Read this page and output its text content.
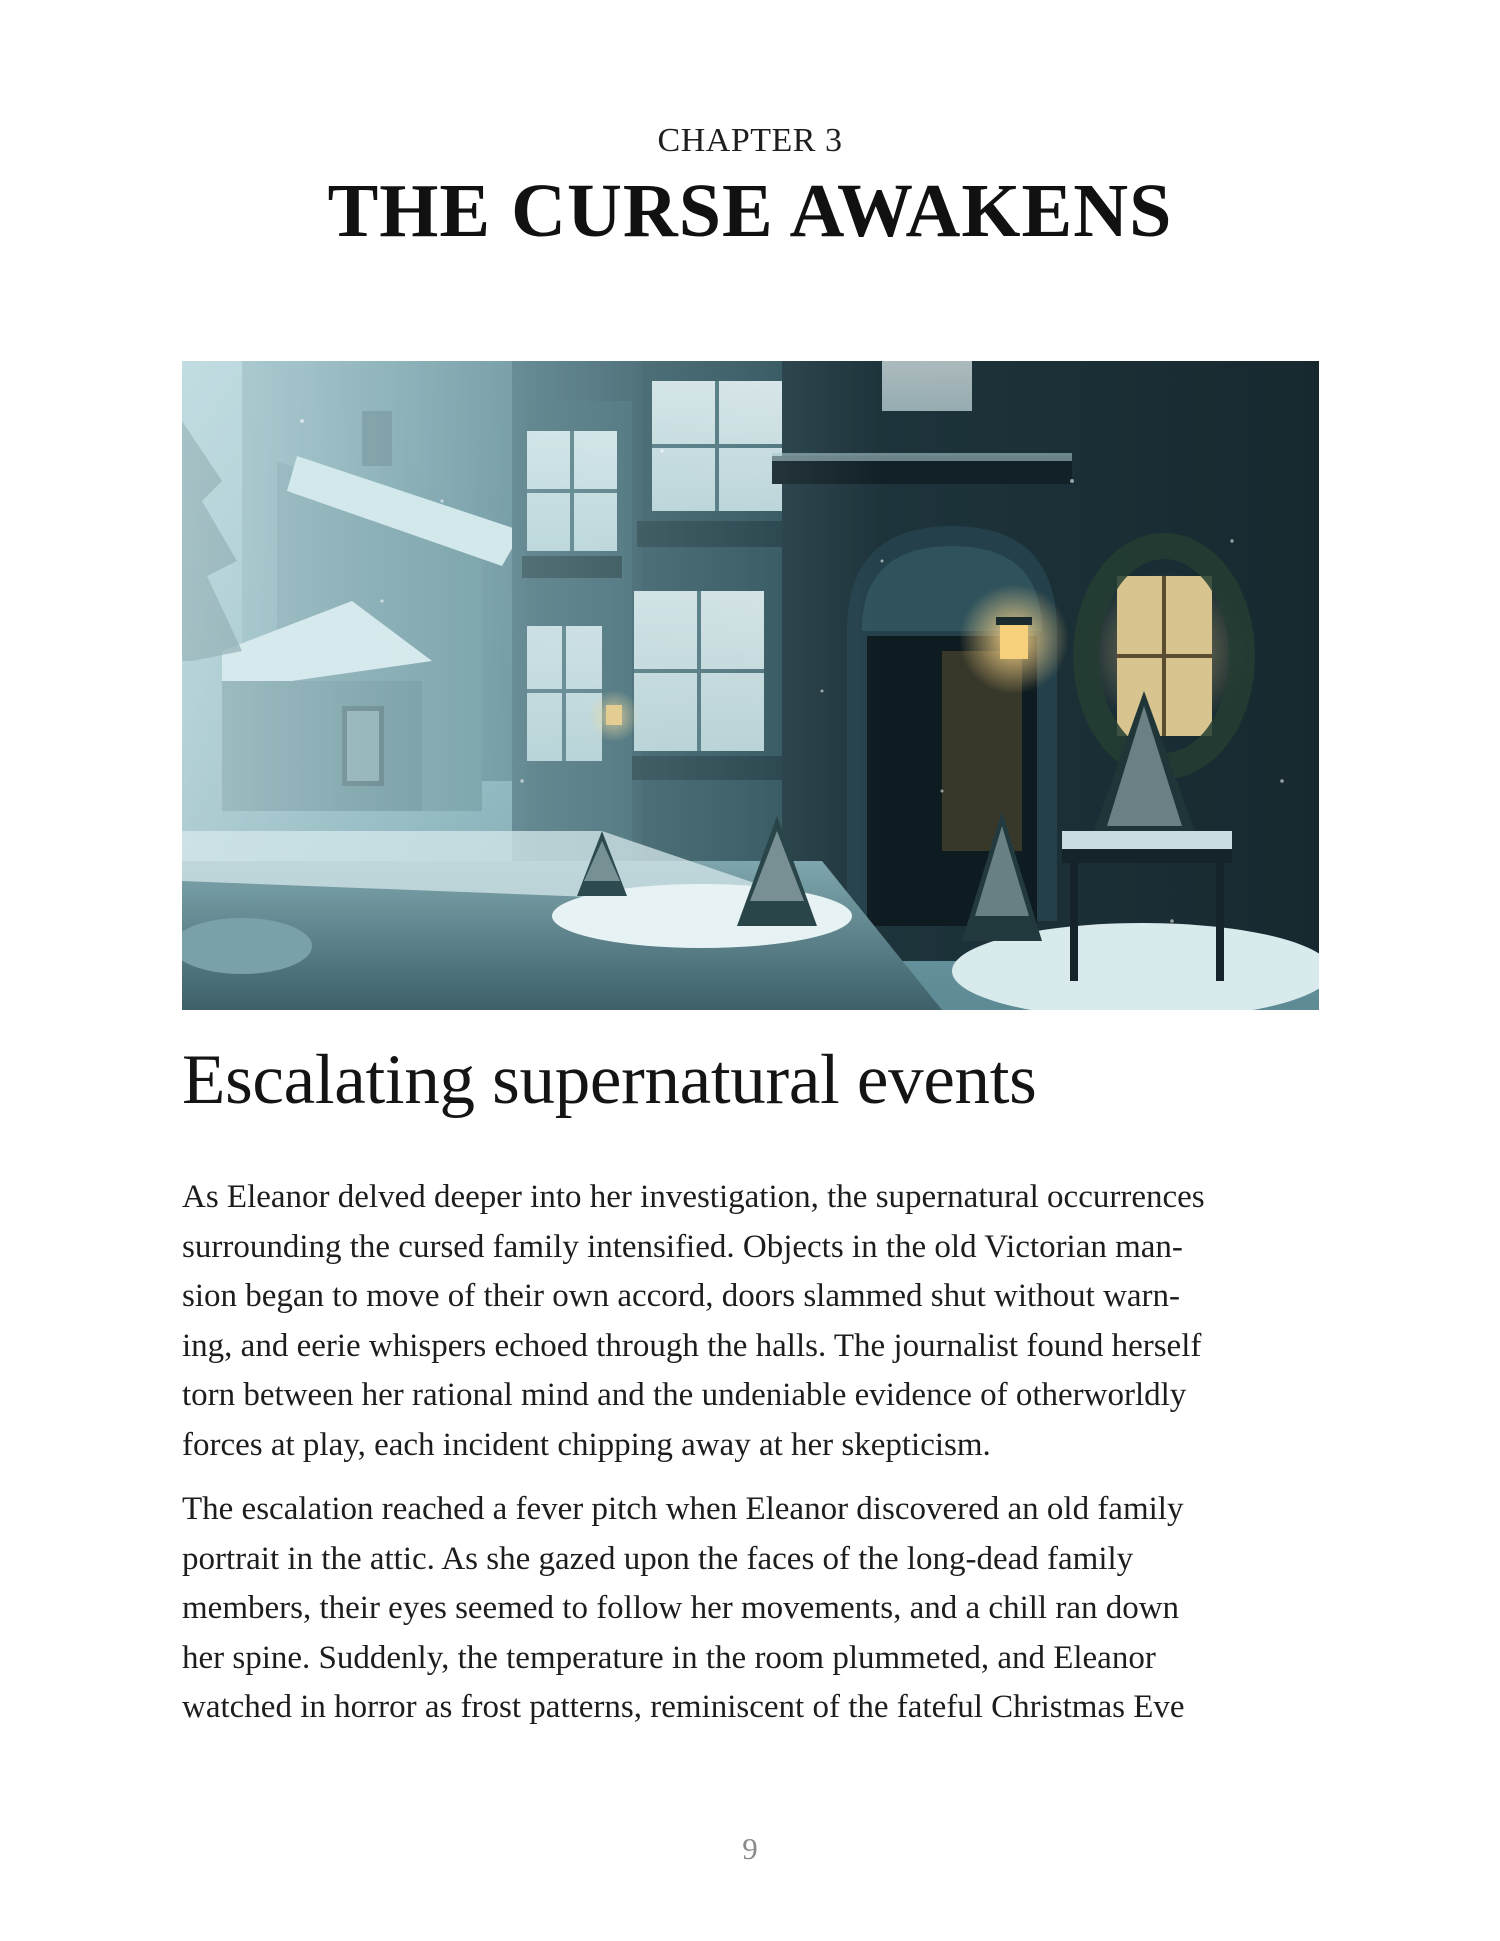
CHAPTER 3
THE CURSE AWAKENS
Escalating supernatural events

As Eleanor delved deeper into her investigation, the supernatural occurrences
surrounding the cursed family intensified. Objects in the old Victorian man-
sion began to move of their own accord, doors slammed shut without warn-
ing, and eerie whispers echoed through the halls. The journalist found herself
torn between her rational mind and the undeniable evidence of otherworldly
forces at play, each incident chipping away at her skepticism.

The escalation reached a fever pitch when Eleanor discovered an old family
portrait in the attic. As she gazed upon the faces of the long-dead family
members, their eyes seemed to follow her movements, and a chill ran down
her spine. Suddenly, the temperature in the room plummeted, and Eleanor
watched in horror as frost patterns, reminiscent of the fateful Christmas Eve

9
